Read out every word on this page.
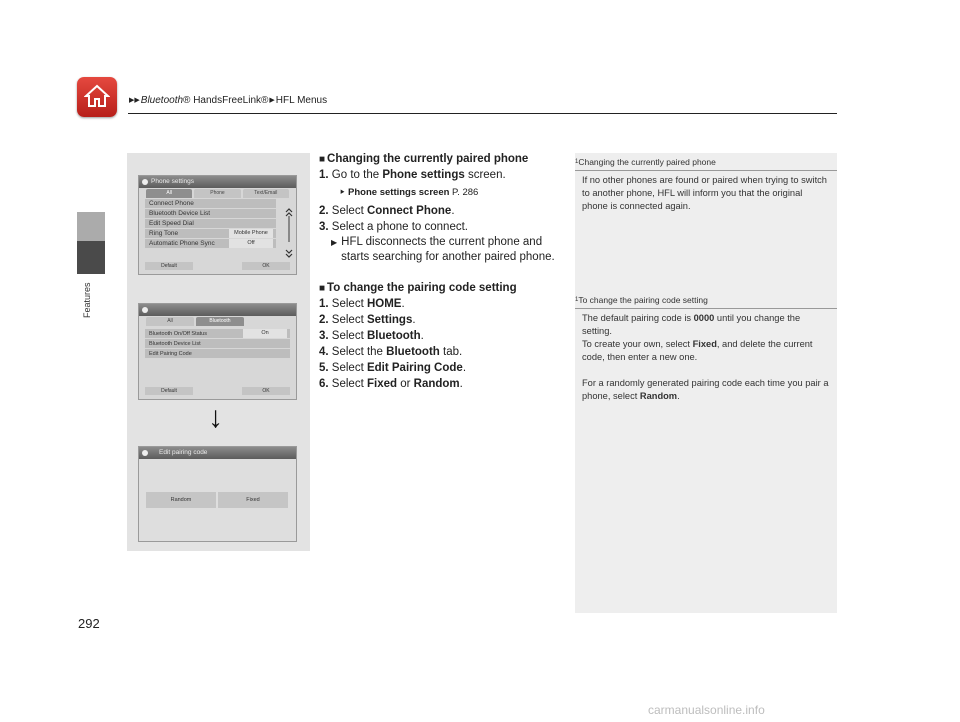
▶▶Bluetooth® HandsFreeLink®▶HFL Menus
Features
292
Phone settings
All	Phone	Text/Email
Connect Phone
Bluetooth Device List
Edit Speed Dial
Ring Tone	Mobile Phone
Automatic Phone Sync	Off
Default	OK
All	Bluetooth
Bluetooth On/Off Status	On
Bluetooth Device List
Edit Pairing Code
Default	OK
↓
Edit pairing code
Random	Fixed
■ Changing the currently paired phone
1. Go to the Phone settings screen.
⯈ Phone settings screen P. 286
2. Select Connect Phone.
3. Select a phone to connect.
▶ HFL disconnects the current phone and starts searching for another paired phone.
■ To change the pairing code setting
1. Select HOME.
2. Select Settings.
3. Select Bluetooth.
4. Select the Bluetooth tab.
5. Select Edit Pairing Code.
6. Select Fixed or Random.
$^1$Changing the currently paired phone
If no other phones are found or paired when trying to switch to another phone, HFL will inform you that the original phone is connected again.
$^1$To change the pairing code setting
The default pairing code is 0000 until you change the setting.
To create your own, select Fixed, and delete the current code, then enter a new one.

For a randomly generated pairing code each time you pair a phone, select Random.
carmanualsonline.info
